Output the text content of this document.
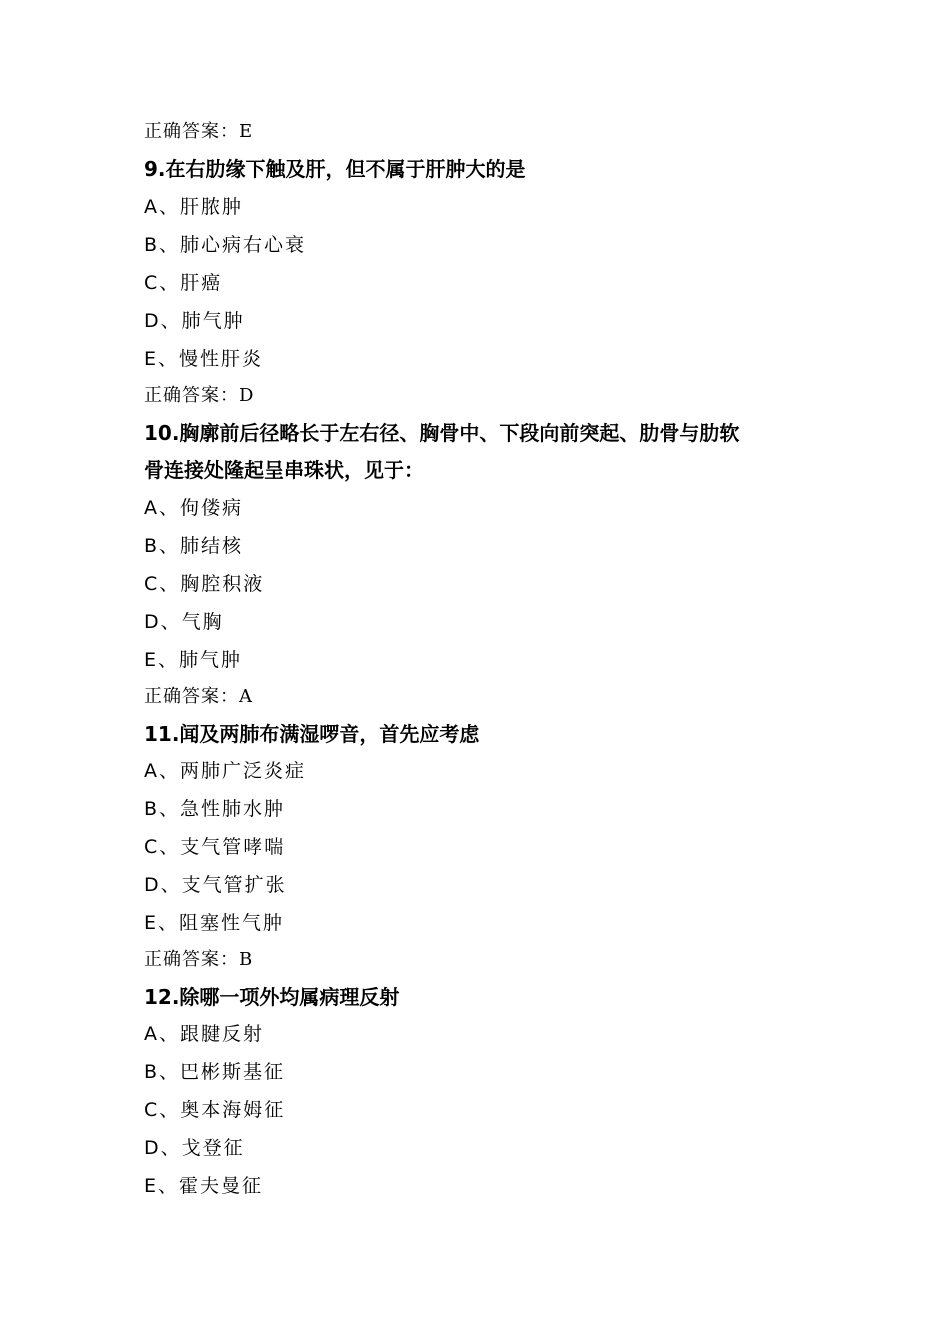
正确答案：E
9.在右肋缘下触及肝，但不属于肝肿大的是
A、肝脓肿
B、肺心病右心衰
C、肝癌
D、肺气肿
E、慢性肝炎
正确答案：D
10.胸廓前后径略长于左右径、胸骨中、下段向前突起、肋骨与肋软
骨连接处隆起呈串珠状，见于：
A、佝偻病
B、肺结核
C、胸腔积液
D、气胸
E、肺气肿
正确答案：A
11.闻及两肺布满湿啰音，首先应考虑
A、两肺广泛炎症
B、急性肺水肿
C、支气管哮喘
D、支气管扩张
E、阻塞性气肿
正确答案：B
12.除哪一项外均属病理反射
A、跟腱反射
B、巴彬斯基征
C、奥本海姆征
D、戈登征
E、霍夫曼征
